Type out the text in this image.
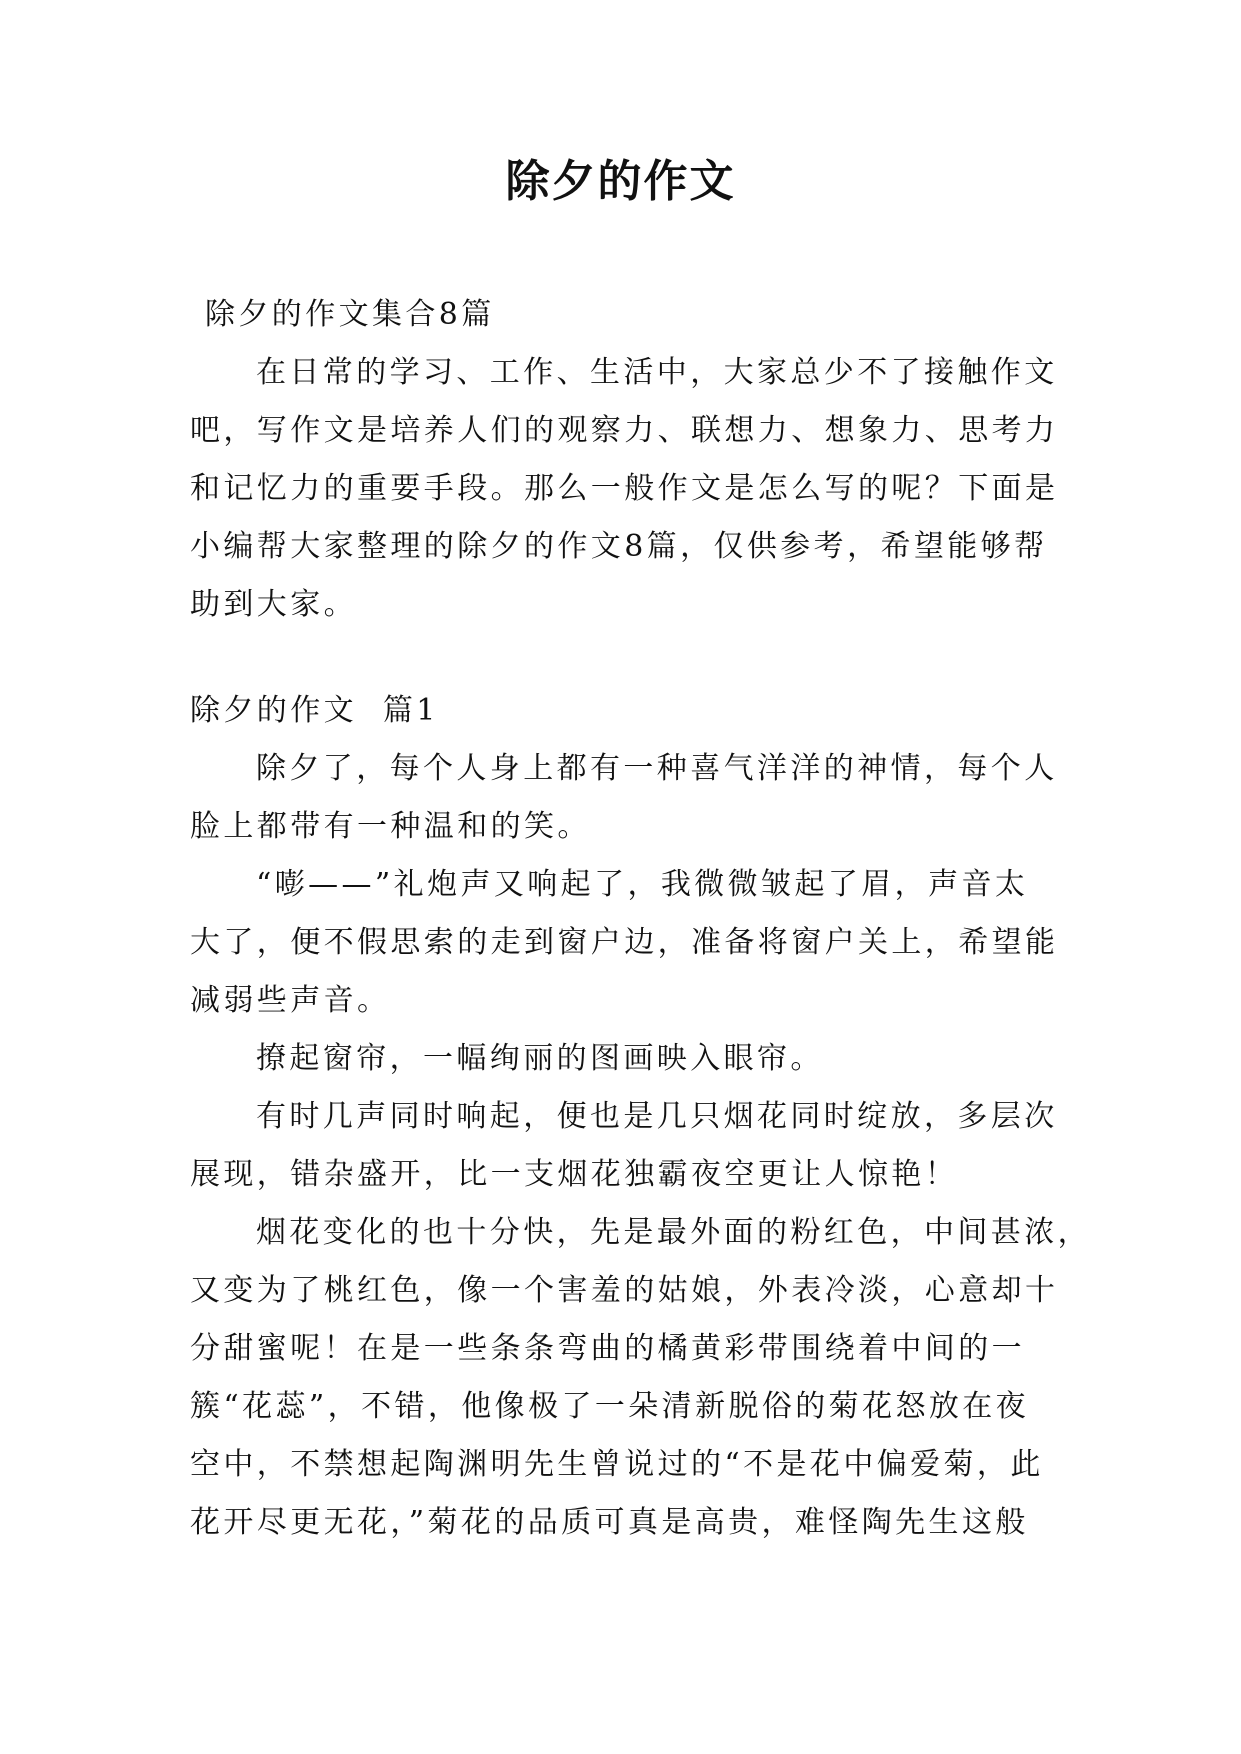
除夕的作文
除夕的作文集合8篇
在日常的学习、工作、生活中，大家总少不了接触作文
吧，写作文是培养人们的观察力、联想力、想象力、思考力
和记忆力的重要手段。那么一般作文是怎么写的呢？下面是
小编帮大家整理的除夕的作文8篇，仅供参考，希望能够帮
助到大家。
除夕的作文  篇1
除夕了，每个人身上都有一种喜气洋洋的神情，每个人
脸上都带有一种温和的笑。
“嘭——”礼炮声又响起了，我微微皱起了眉，声音太
大了，便不假思索的走到窗户边，准备将窗户关上，希望能
减弱些声音。
撩起窗帘，一幅绚丽的图画映入眼帘。
有时几声同时响起，便也是几只烟花同时绽放，多层次
展现，错杂盛开，比一支烟花独霸夜空更让人惊艳！
烟花变化的也十分快，先是最外面的粉红色，中间甚浓，
又变为了桃红色，像一个害羞的姑娘，外表冷淡，心意却十
分甜蜜呢！在是一些条条弯曲的橘黄彩带围绕着中间的一
簇“花蕊”，不错，他像极了一朵清新脱俗的菊花怒放在夜
空中，不禁想起陶渊明先生曾说过的“不是花中偏爱菊，此
花开尽更无花，”菊花的品质可真是高贵，难怪陶先生这般
